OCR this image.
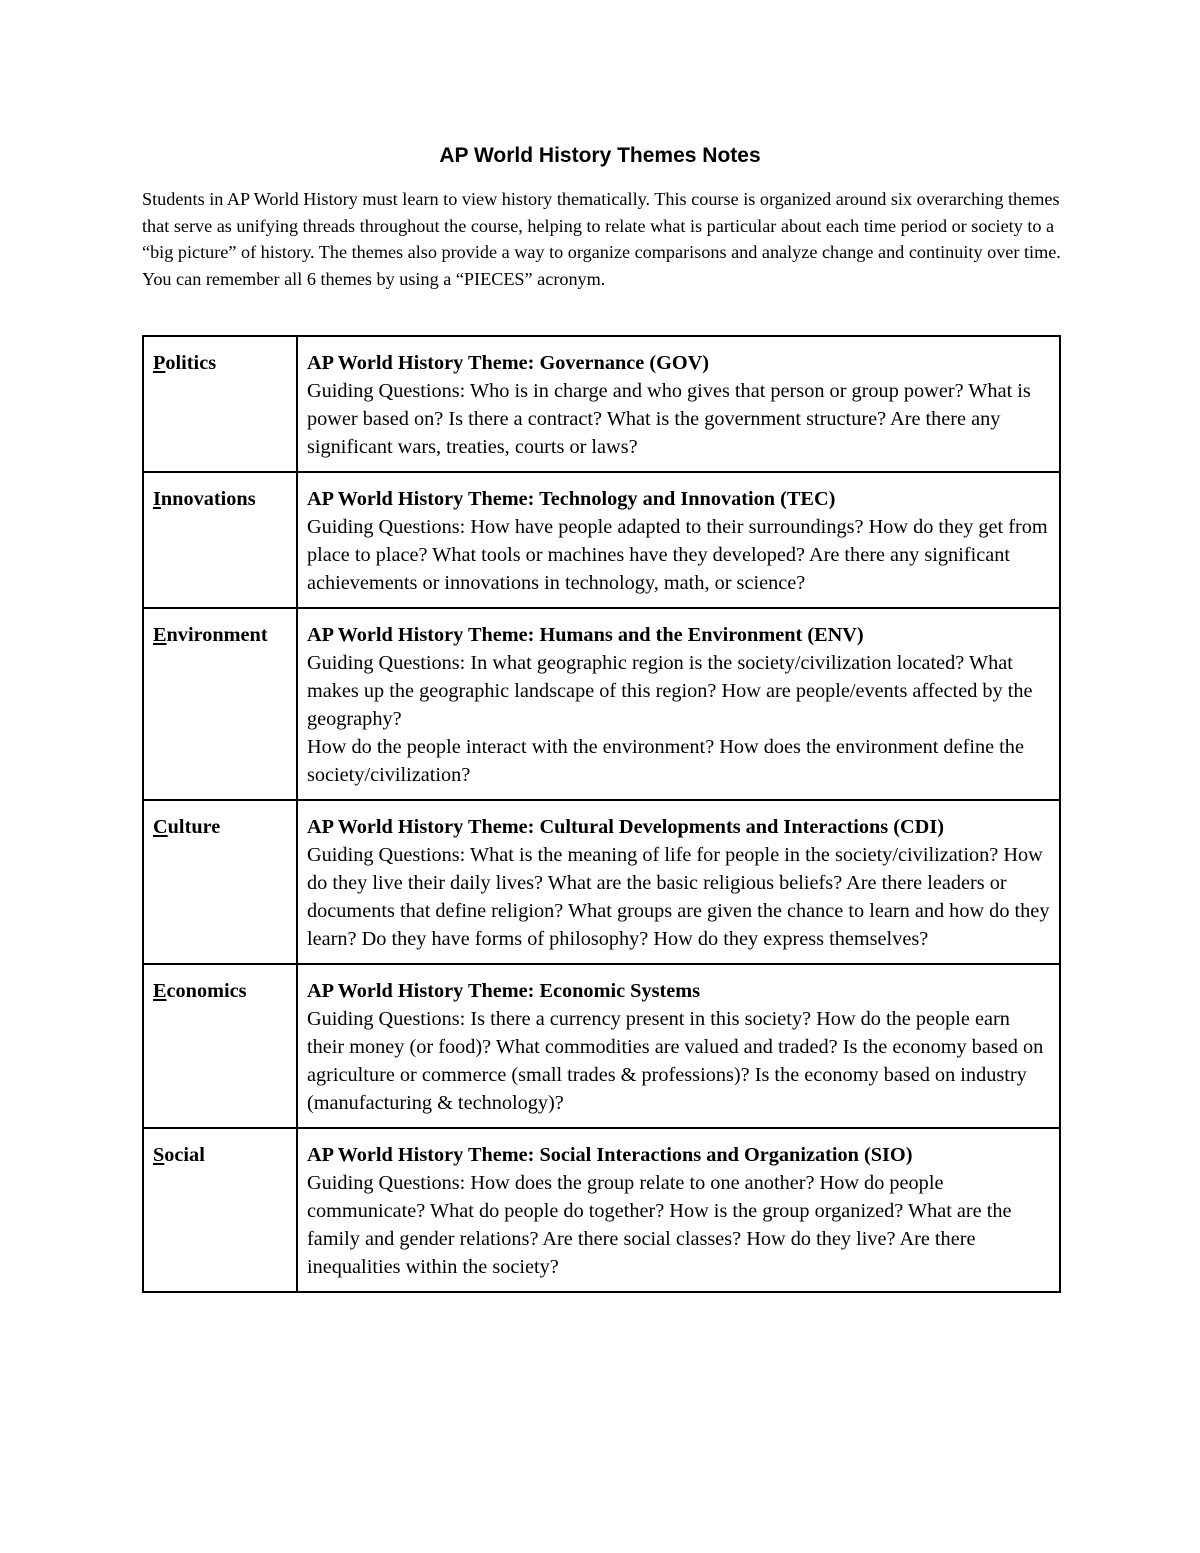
AP World History Themes Notes

Students in AP World History must learn to view history thematically. This course is organized around six overarching themes that serve as unifying threads throughout the course, helping to relate what is particular about each time period or society to a “big picture” of history. The themes also provide a way to organize comparisons and analyze change and continuity over time. You can remember all 6 themes by using a “PIECES” acronym.

Politics	AP World History Theme: Governance (GOV)
Guiding Questions: Who is in charge and who gives that person or group power? What is power based on? Is there a contract? What is the government structure? Are there any significant wars, treaties, courts or laws?

Innovations	AP World History Theme: Technology and Innovation (TEC)
Guiding Questions: How have people adapted to their surroundings? How do they get from place to place? What tools or machines have they developed? Are there any significant achievements or innovations in technology, math, or science?

Environment	AP World History Theme: Humans and the Environment (ENV)
Guiding Questions: In what geographic region is the society/civilization located? What makes up the geographic landscape of this region? How are people/events affected by the geography?
How do the people interact with the environment? How does the environment define the society/civilization?

Culture	AP World History Theme: Cultural Developments and Interactions (CDI)
Guiding Questions: What is the meaning of life for people in the society/civilization? How do they live their daily lives? What are the basic religious beliefs? Are there leaders or documents that define religion? What groups are given the chance to learn and how do they learn? Do they have forms of philosophy? How do they express themselves?

Economics	AP World History Theme: Economic Systems
Guiding Questions: Is there a currency present in this society? How do the people earn their money (or food)? What commodities are valued and traded? Is the economy based on agriculture or commerce (small trades & professions)? Is the economy based on industry (manufacturing & technology)?

Social	AP World History Theme: Social Interactions and Organization (SIO)
Guiding Questions: How does the group relate to one another? How do people communicate? What do people do together? How is the group organized? What are the family and gender relations? Are there social classes? How do they live? Are there inequalities within the society?
